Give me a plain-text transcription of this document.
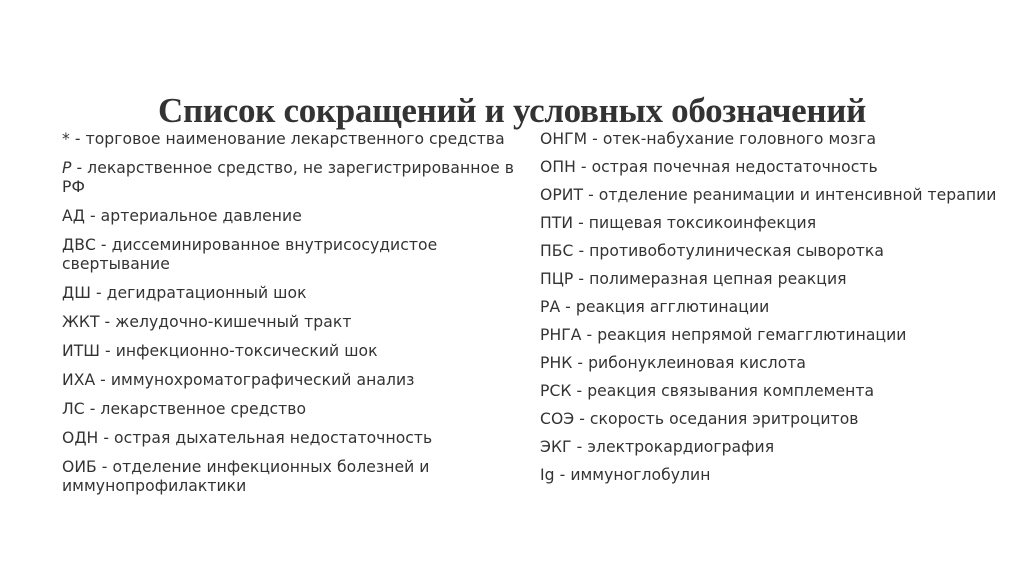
Список сокращений и условных обозначений
* - торговое наименование лекарственного средства
Р - лекарственное средство, не зарегистрированное в РФ
АД - артериальное давление
ДВС - диссеминированное внутрисосудистое свертывание
ДШ - дегидратационный шок
ЖКТ - желудочно-кишечный тракт
ИТШ - инфекционно-токсический шок
ИХА - иммунохроматографический анализ
ЛС - лекарственное средство
ОДН - острая дыхательная недостаточность
ОИБ - отделение инфекционных болезней и иммунопрофилактики
ОНГМ - отек-набухание головного мозга
ОПН - острая почечная недостаточность
ОРИТ - отделение реанимации и интенсивной терапии
ПТИ - пищевая токсикоинфекция
ПБС - противоботулиническая сыворотка
ПЦР - полимеразная цепная реакция
РА - реакция агглютинации
РНГА - реакция непрямой гемагглютинации
РНК - рибонуклеиновая кислота
РСК - реакция связывания комплемента
СОЭ - скорость оседания эритроцитов
ЭКГ - электрокардиография
Ig - иммуноглобулин
